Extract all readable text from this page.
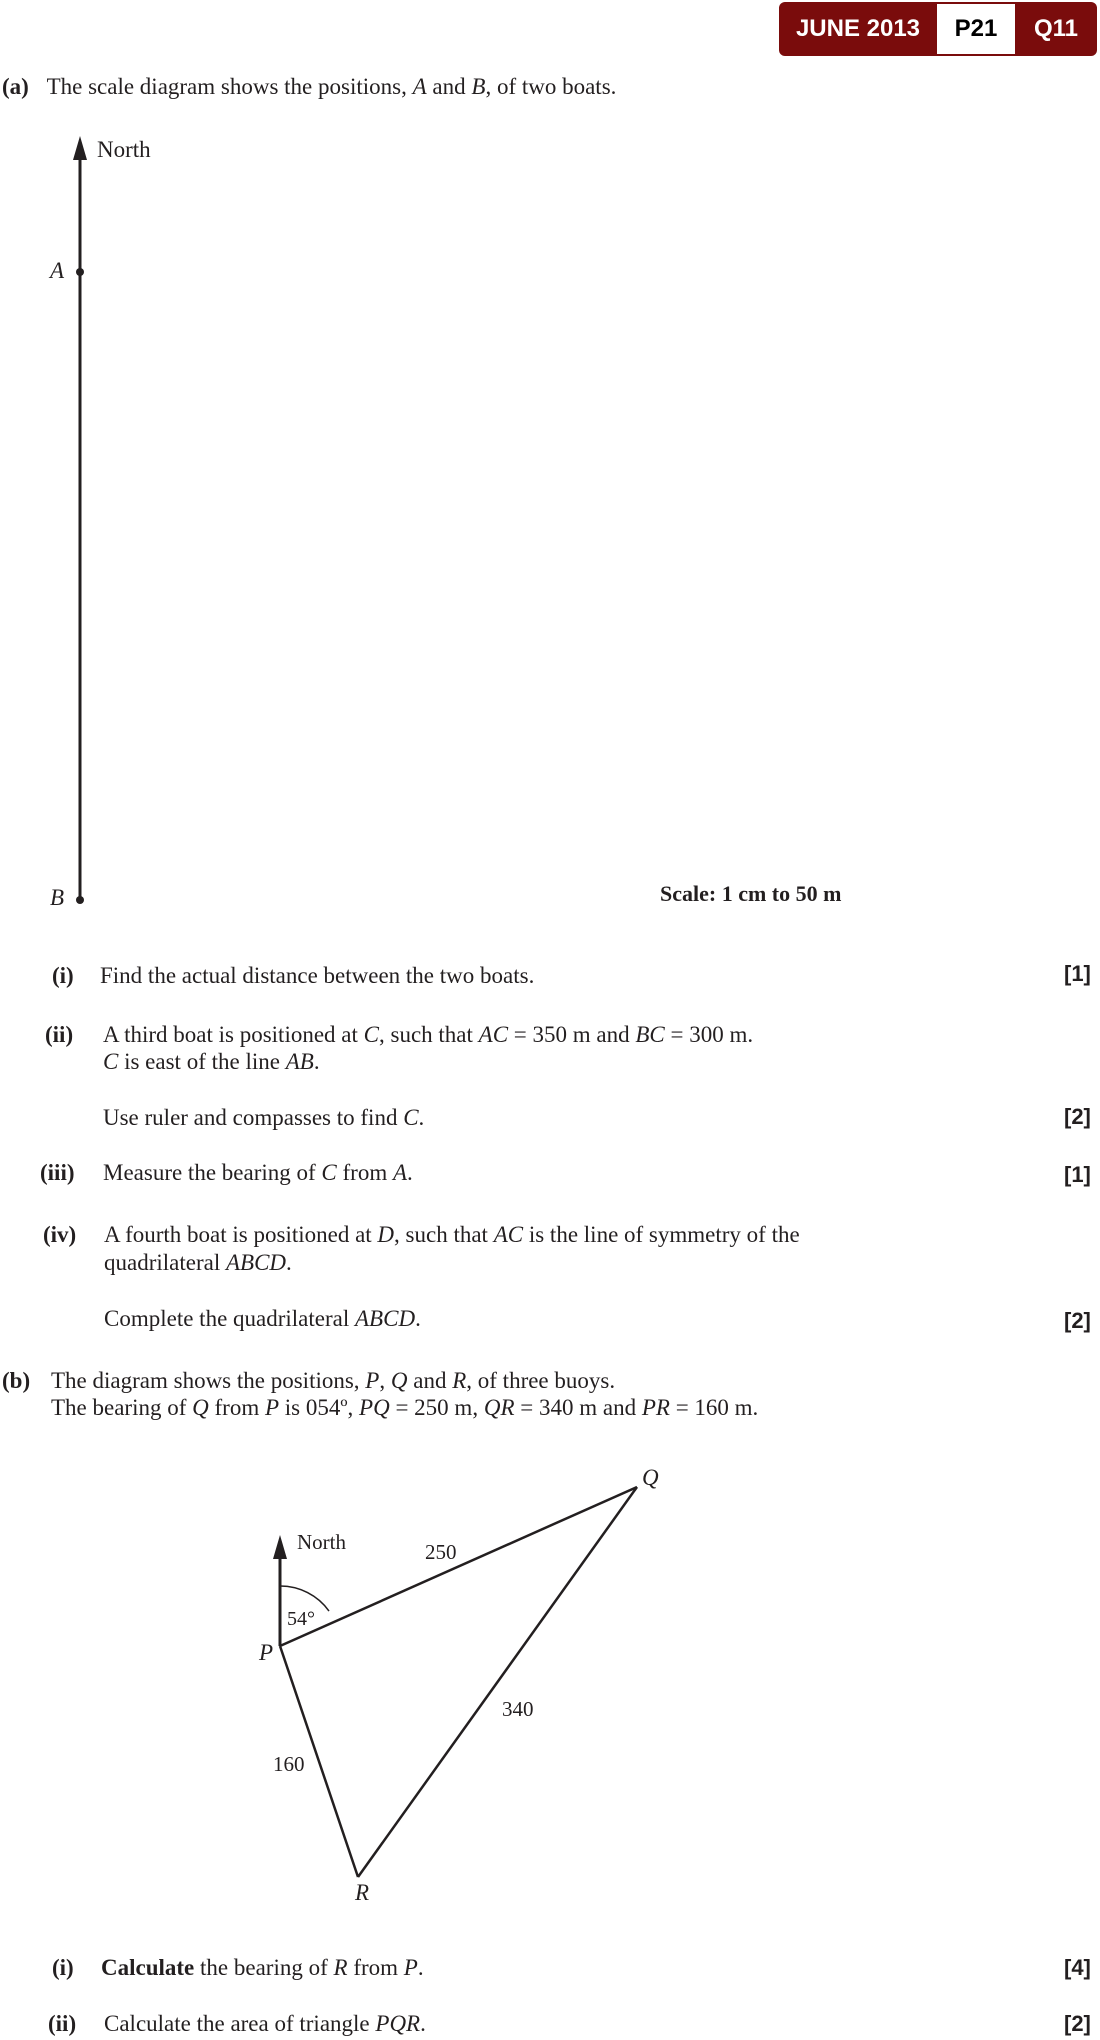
JUNE 2013	P21	Q11
(a) The scale diagram shows the positions, A and B, of two boats.
North
A
B	Scale: 1 cm to 50 m
(i) Find the actual distance between the two boats.	[1]
(ii) A third boat is positioned at C, such that AC = 350 m and BC = 300 m.
C is east of the line AB.
Use ruler and compasses to find C.	[2]
(iii) Measure the bearing of C from A.	[1]
(iv) A fourth boat is positioned at D, such that AC is the line of symmetry of the
quadrilateral ABCD.
Complete the quadrilateral ABCD.	[2]
(b) The diagram shows the positions, P, Q and R, of three buoys.
The bearing of Q from P is 054º, PQ = 250 m, QR = 340 m and PR = 160 m.
North
P
Q
R
250
340
160
54°
(i) Calculate the bearing of R from P.	[4]
(ii) Calculate the area of triangle PQR.	[2]
